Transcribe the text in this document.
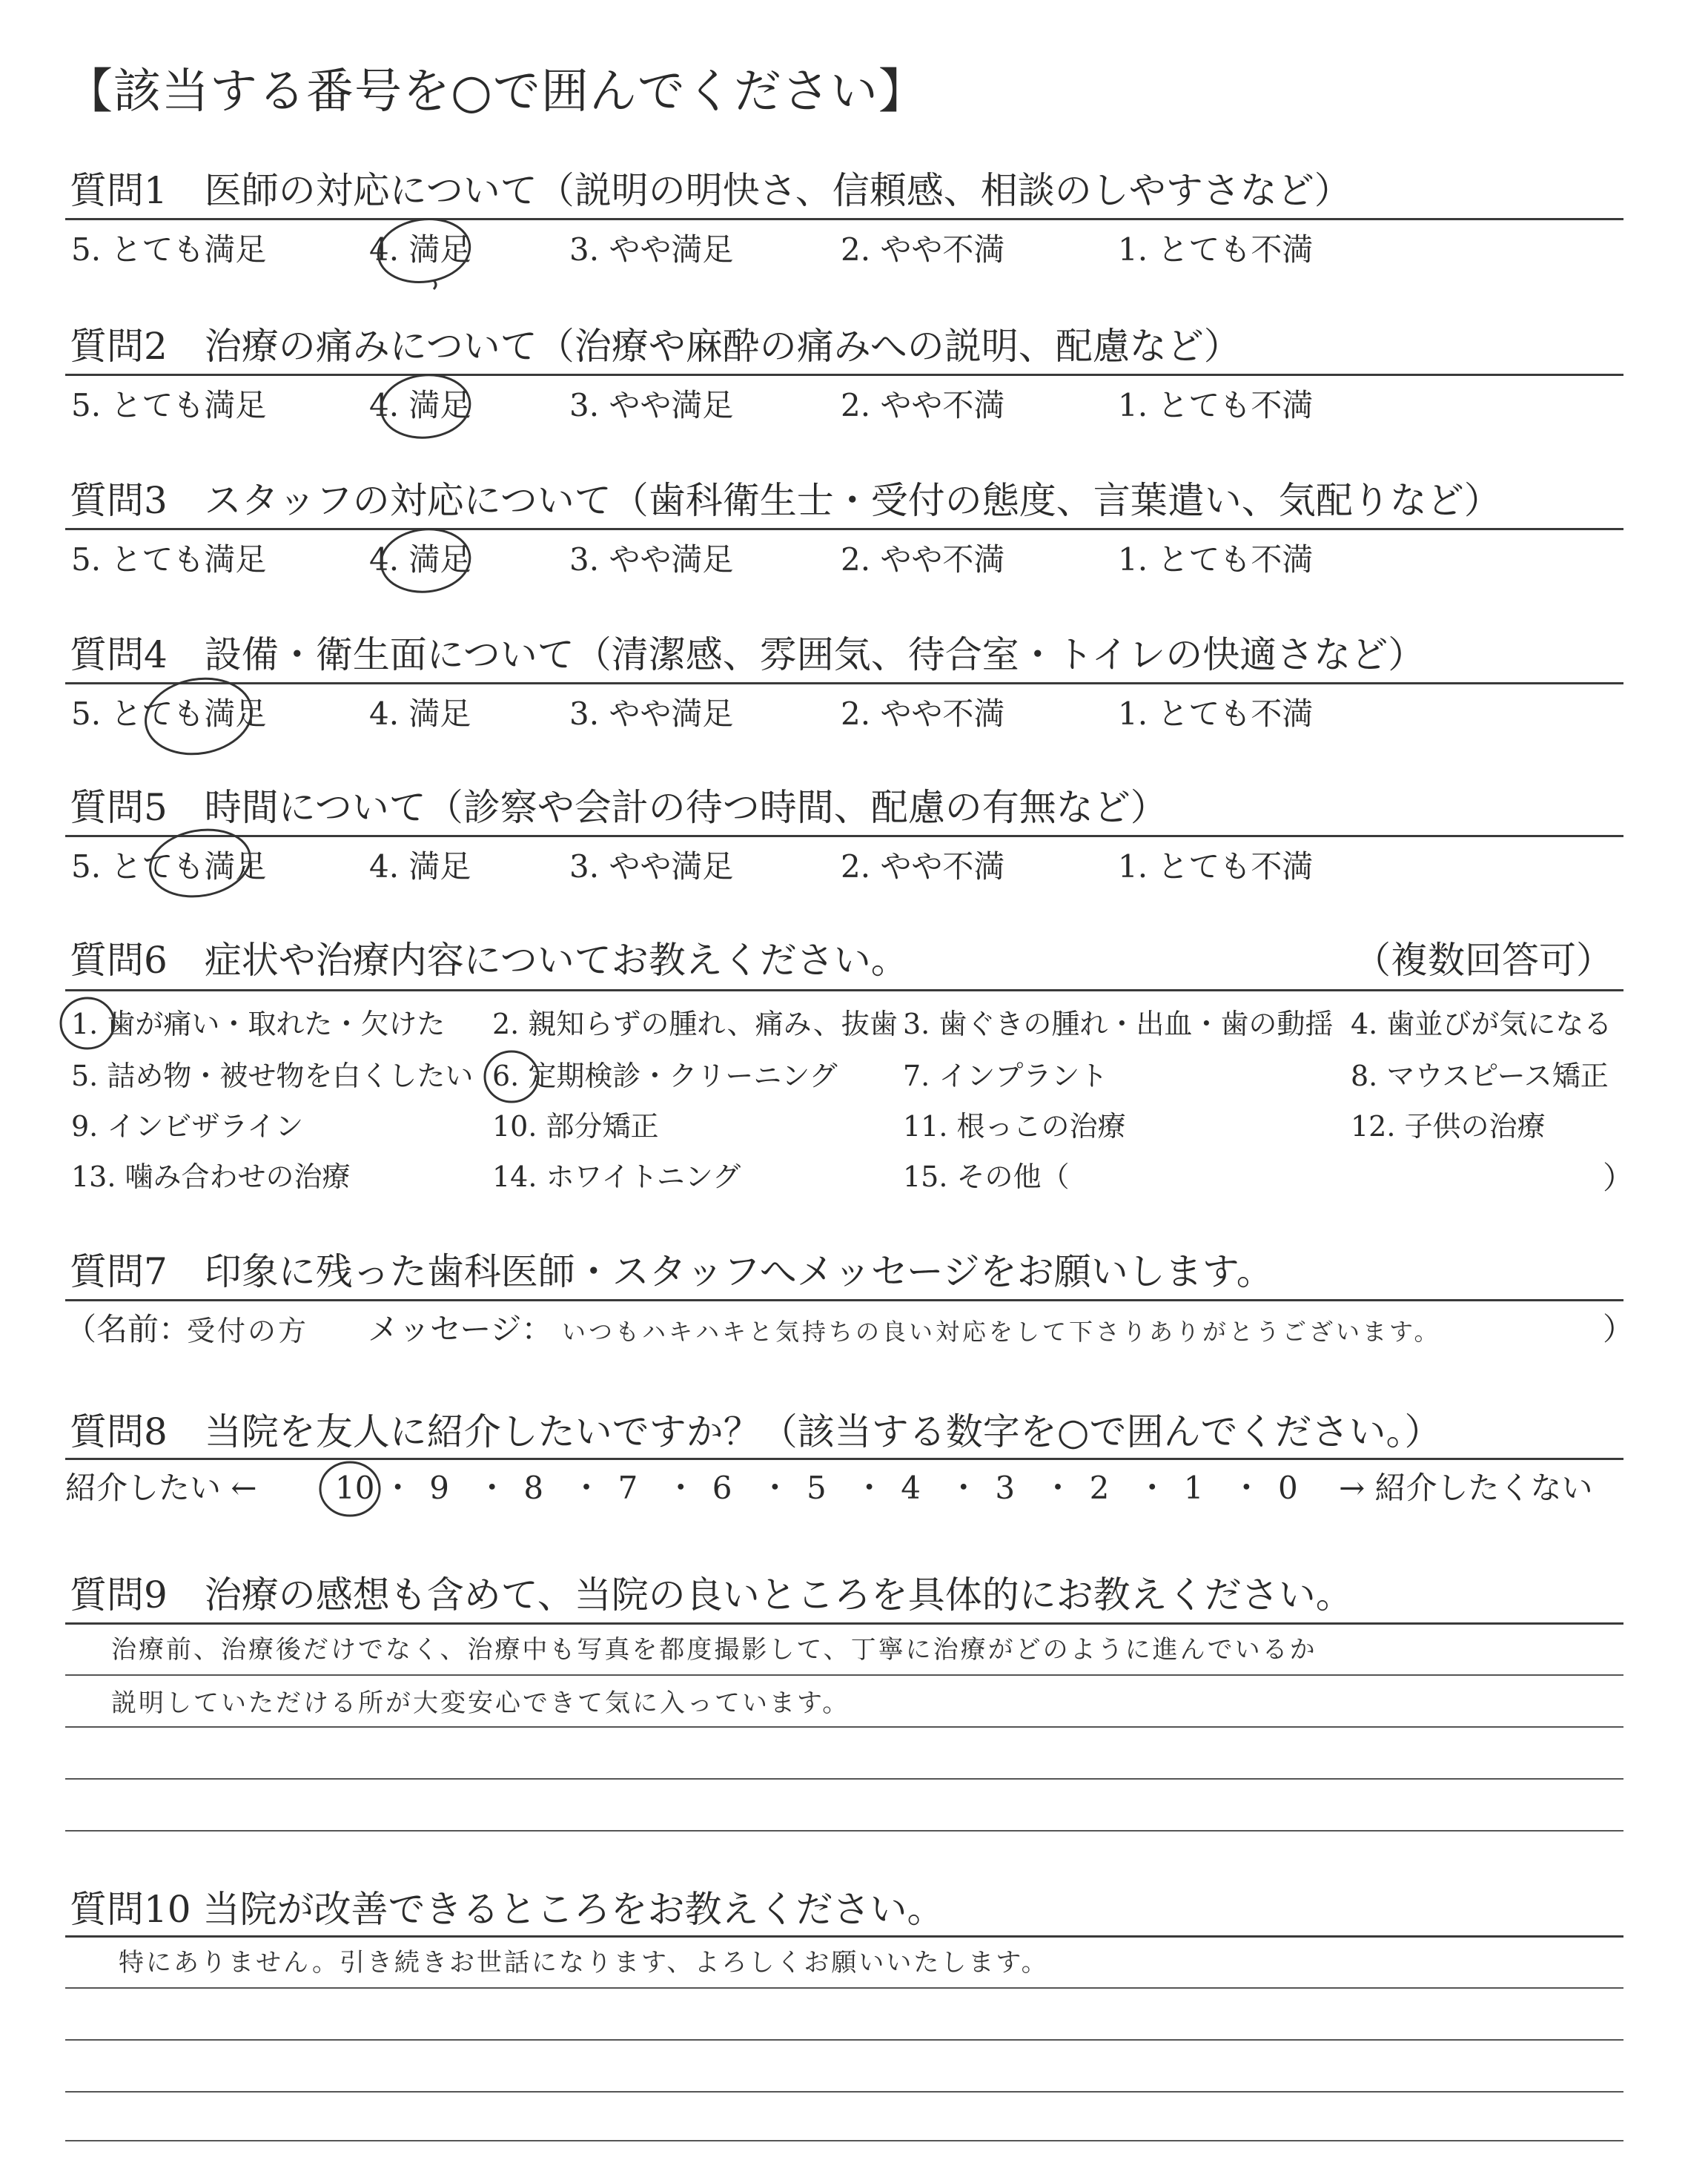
【該当する番号を○で囲んでください】
質問1　医師の対応について（説明の明快さ、信頼感、相談のしやすさなど）
5. とても満足	4. 満足	3. やや満足	2. やや不満	1. とても不満
質問2　治療の痛みについて（治療や麻酔の痛みへの説明、配慮など）
5. とても満足	4. 満足	3. やや満足	2. やや不満	1. とても不満
質問3　スタッフの対応について（歯科衛生士・受付の態度、言葉遣い、気配りなど）
5. とても満足	4. 満足	3. やや満足	2. やや不満	1. とても不満
質問4　設備・衛生面について（清潔感、雰囲気、待合室・トイレの快適さなど）
5. とても満足	4. 満足	3. やや満足	2. やや不満	1. とても不満
質問5　時間について（診察や会計の待つ時間、配慮の有無など）
5. とても満足	4. 満足	3. やや満足	2. やや不満	1. とても不満
質問6　症状や治療内容についてお教えください。	（複数回答可）
1. 歯が痛い・取れた・欠けた 2. 親知らずの腫れ、痛み、抜歯 3. 歯ぐきの腫れ・出血・歯の動揺 4. 歯並びが気になる
5. 詰め物・被せ物を白くしたい 6. 定期検診・クリーニング 7. インプラント	8. マウスピース矯正
9. インビザライン	10. 部分矯正	11. 根っこの治療	12. 子供の治療
13. 噛み合わせの治療	14. ホワイトニング	15. その他（	）
質問7　印象に残った歯科医師・スタッフへメッセージをお願いします。
（名前：
受付の方 メッセージ： いつもハキハキと気持ちの良い対応をして下さりありがとうございます。	）
質問8　当院を友人に紹介したいですか？（該当する数字を○で囲んでください。）
紹介したい ←	10 ・ 9 ・ 8 ・ 7 ・ 6 ・ 5 ・ 4 ・ 3 ・ 2 ・ 1 ・ 0 → 紹介したくない
質問9　治療の感想も含めて、当院の良いところを具体的にお教えください。
治療前、治療後だけでなく、治療中も写真を都度撮影して、丁寧に治療がどのように進んでいるか
説明していただける所が大変安心できて気に入っています。
質問10 当院が改善できるところをお教えください。
特にありません。引き続きお世話になります、よろしくお願いいたします。
